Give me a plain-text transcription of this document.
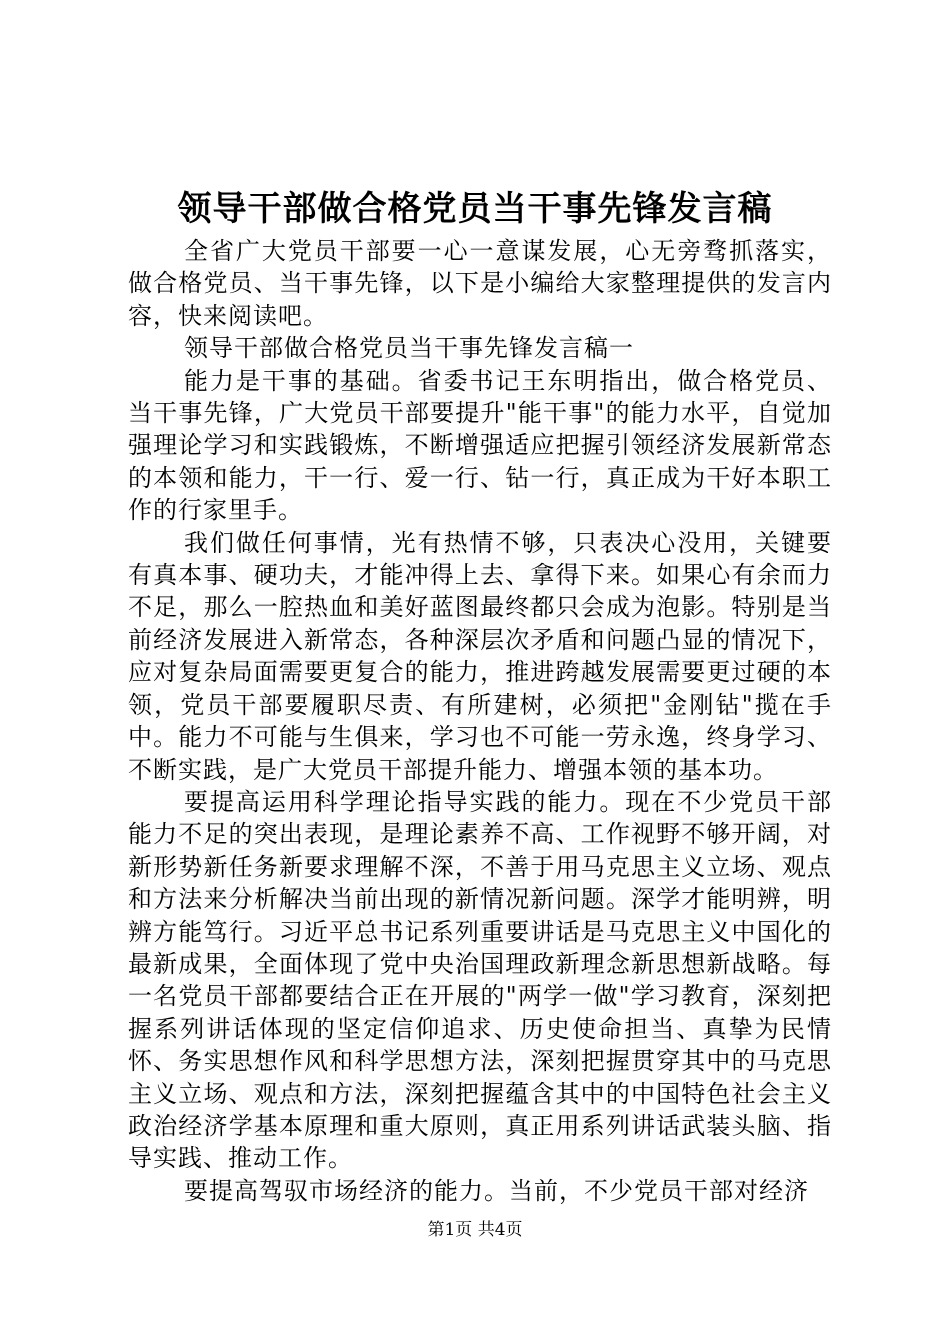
领导干部做合格党员当干事先锋发言稿

全省广大党员干部要一心一意谋发展，心无旁骛抓落实，做合格党员、当干事先锋，以下是小编给大家整理提供的发言内容，快来阅读吧。

领导干部做合格党员当干事先锋发言稿一

能力是干事的基础。省委书记王东明指出，做合格党员、当干事先锋，广大党员干部要提升"能干事"的能力水平，自觉加强理论学习和实践锻炼，不断增强适应把握引领经济发展新常态的本领和能力，干一行、爱一行、钻一行，真正成为干好本职工作的行家里手。

我们做任何事情，光有热情不够，只表决心没用，关键要有真本事、硬功夫，才能冲得上去、拿得下来。如果心有余而力不足，那么一腔热血和美好蓝图最终都只会成为泡影。特别是当前经济发展进入新常态，各种深层次矛盾和问题凸显的情况下，应对复杂局面需要更复合的能力，推进跨越发展需要更过硬的本领，党员干部要履职尽责、有所建树，必须把"金刚钻"揽在手中。能力不可能与生俱来，学习也不可能一劳永逸，终身学习、不断实践，是广大党员干部提升能力、增强本领的基本功。

要提高运用科学理论指导实践的能力。现在不少党员干部能力不足的突出表现，是理论素养不高、工作视野不够开阔，对新形势新任务新要求理解不深，不善于用马克思主义立场、观点和方法来分析解决当前出现的新情况新问题。深学才能明辨，明辨方能笃行。习近平总书记系列重要讲话是马克思主义中国化的最新成果，全面体现了党中央治国理政新理念新思想新战略。每一名党员干部都要结合正在开展的"两学一做"学习教育，深刻把握系列讲话体现的坚定信仰追求、历史使命担当、真挚为民情怀、务实思想作风和科学思想方法，深刻把握贯穿其中的马克思主义立场、观点和方法，深刻把握蕴含其中的中国特色社会主义政治经济学基本原理和重大原则，真正用系列讲话武装头脑、指导实践、推动工作。

要提高驾驭市场经济的能力。当前，不少党员干部对经济

第1页 共4页
